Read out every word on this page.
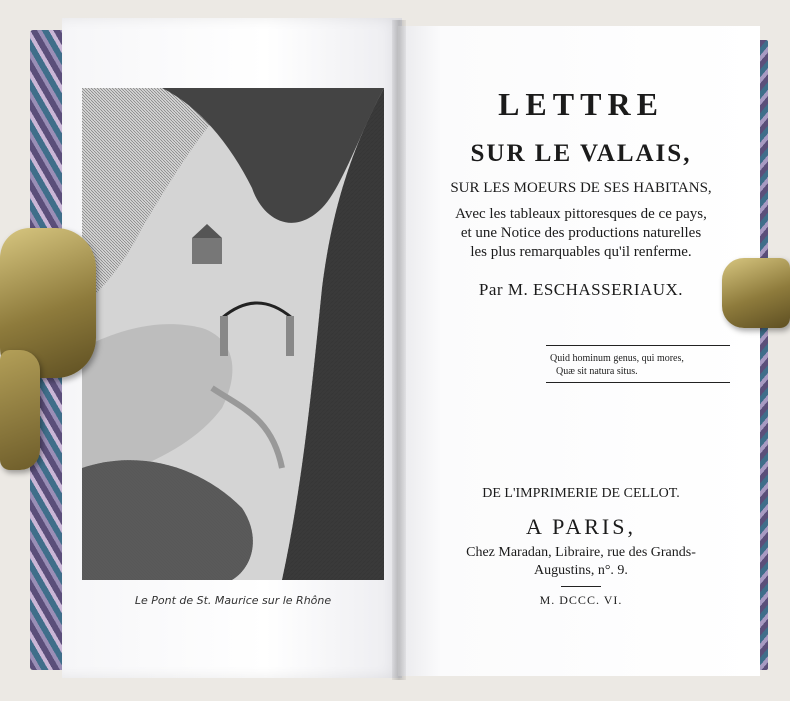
Le Pont de St. Maurice sur le Rhône
LETTRE
SUR LE VALAIS,
SUR LES MOEURS DE SES HABITANS,
Avec les tableaux pittoresques de ce pays,
et une Notice des productions naturelles
les plus remarquables qu'il renferme.
Par M. ESCHASSERIAUX.
Quid hominum genus, qui mores,
Quæ sit natura situs.
DE L'IMPRIMERIE DE CELLOT.
A PARIS,
Chez Maradan, Libraire, rue des Grands-
Augustins, n°. 9.
M. DCCC. VI.
